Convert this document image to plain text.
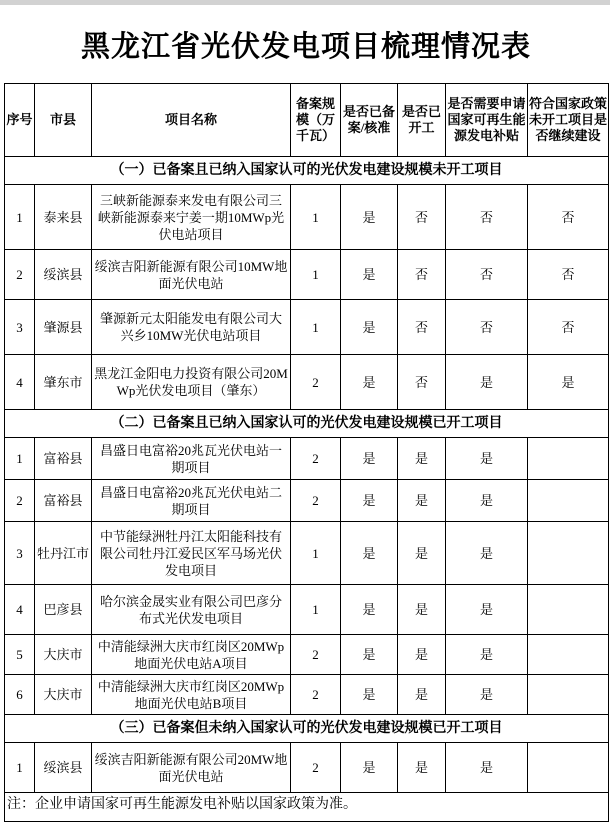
黑龙江省光伏发电项目梳理情况表
序号	市县	项目名称	备案规模（万千瓦）	是否已备案/核准	是否已开工	是否需要申请国家可再生能源发电补贴	符合国家政策未开工项目是否继续建设
（一）已备案且已纳入国家认可的光伏发电建设规模未开工项目							
1	泰来县	三峡新能源泰来发电有限公司三峡新能源泰来宁姜一期10MWp光伏电站项目	1	是	否	否	否
2	绥滨县	绥滨吉阳新能源有限公司10MW地面光伏电站	1	是	否	否	否
3	肇源县	肇源新元太阳能发电有限公司大兴乡10MW光伏电站项目	1	是	否	否	否
4	肇东市	黑龙江金阳电力投资有限公司20MWp光伏发电项目（肇东）	2	是	否	是	是
（二）已备案且已纳入国家认可的光伏发电建设规模已开工项目							
1	富裕县	昌盛日电富裕20兆瓦光伏电站一期项目	2	是	是	是	
2	富裕县	昌盛日电富裕20兆瓦光伏电站二期项目	2	是	是	是	
3	牡丹江市	中节能绿洲牡丹江太阳能科技有限公司牡丹江爱民区军马场光伏发电项目	1	是	是	是	
4	巴彦县	哈尔滨金晟实业有限公司巴彦分布式光伏发电项目	1	是	是	是	
5	大庆市	中清能绿洲大庆市红岗区20MWp地面光伏电站A项目	2	是	是	是	
6	大庆市	中清能绿洲大庆市红岗区20MWp地面光伏电站B项目	2	是	是	是	
（三）已备案但未纳入国家认可的光伏发电建设规模已开工项目							
1	绥滨县	绥滨吉阳新能源有限公司20MW地面光伏电站	2	是	是	是	
注：企业申请国家可再生能源发电补贴以国家政策为准。							
